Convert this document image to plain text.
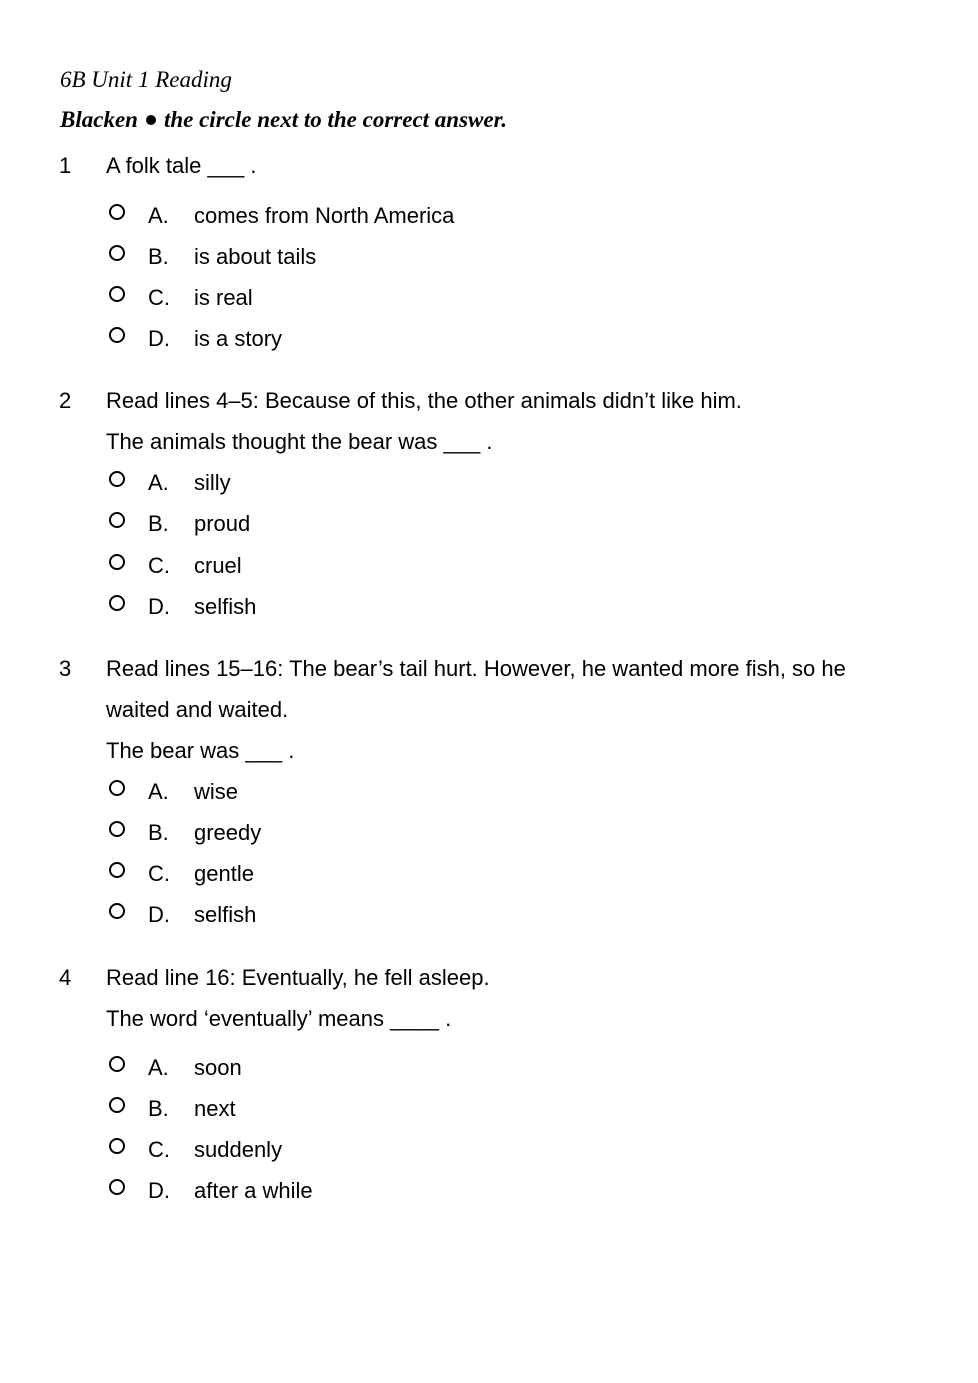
6B Unit 1 Reading
Blacken the circle next to the correct answer.
1 A folk tale ___ .
A. comes from North America
B. is about tails
C. is real
D. is a story
2 Read lines 4–5: Because of this, the other animals didn’t like him.
The animals thought the bear was ___ .
A. silly
B. proud
C. cruel
D. selfish
3 Read lines 15–16: The bear’s tail hurt. However, he wanted more fish, so he
waited and waited.
The bear was ___ .
A. wise
B. greedy
C. gentle
D. selfish
4 Read line 16: Eventually, he fell asleep.
The word ‘eventually’ means ____ .
A. soon
B. next
C. suddenly
D. after a while
